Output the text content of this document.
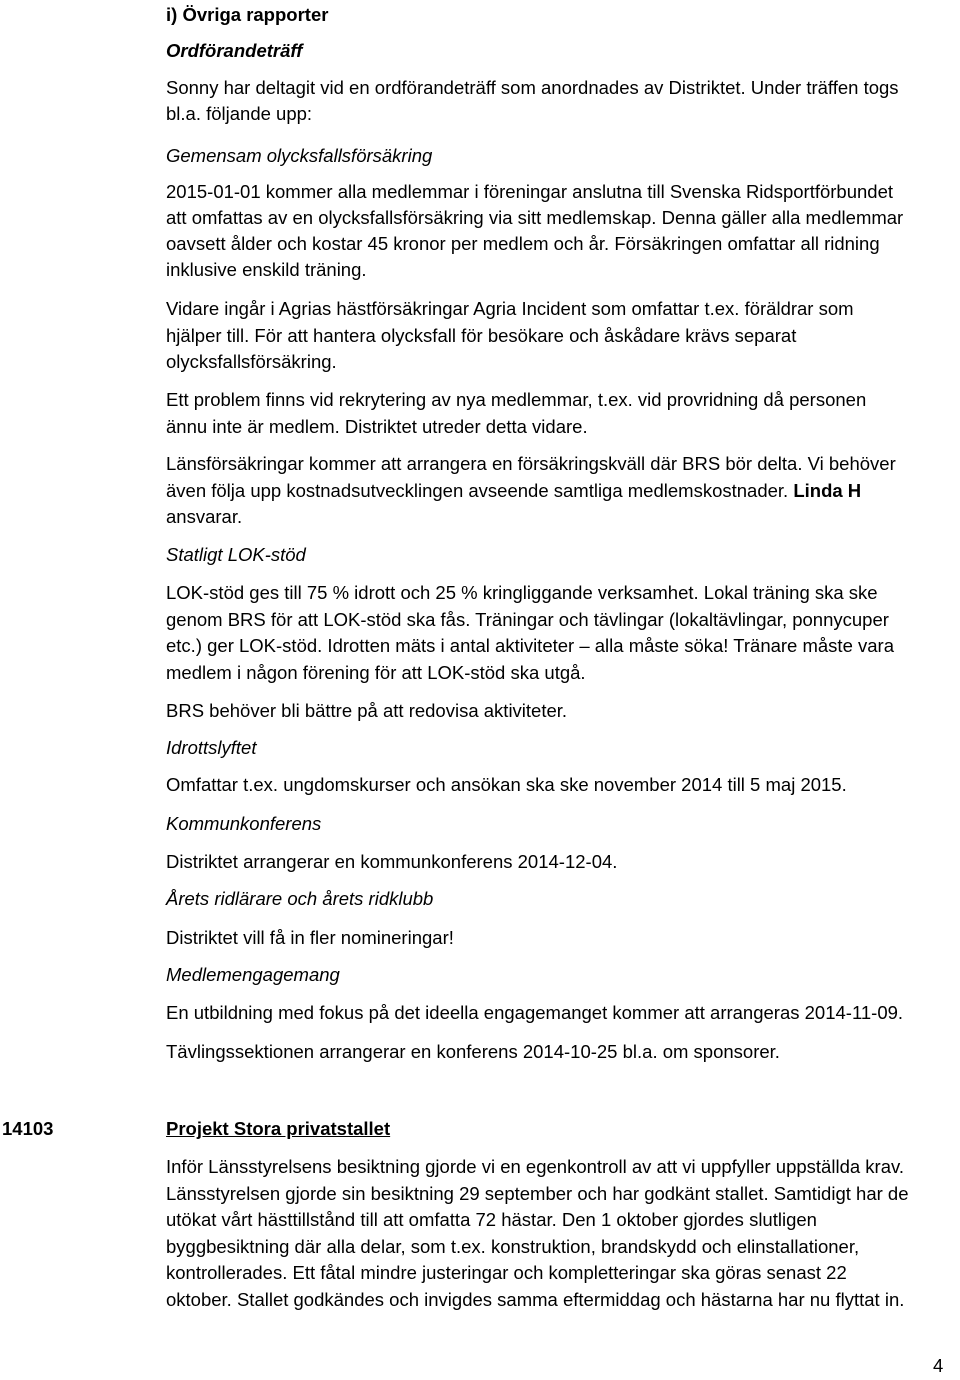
i) Övriga rapporter
Ordförandeträff
Sonny har deltagit vid en ordförandeträff som anordnades av Distriktet. Under träffen togs
bl.a. följande upp:
Gemensam olycksfallsförsäkring
2015-01-01 kommer alla medlemmar i föreningar anslutna till Svenska Ridsportförbundet
att omfattas av en olycksfallsförsäkring via sitt medlemskap. Denna gäller alla medlemmar
oavsett ålder och kostar 45 kronor per medlem och år. Försäkringen omfattar all ridning
inklusive enskild träning.
Vidare ingår i Agrias hästförsäkringar Agria Incident som omfattar t.ex. föräldrar som
hjälper till. För att hantera olycksfall för besökare och åskådare krävs separat
olycksfallsförsäkring.
Ett problem finns vid rekrytering av nya medlemmar, t.ex. vid provridning då personen
ännu inte är medlem. Distriktet utreder detta vidare.
Länsförsäkringar kommer att arrangera en försäkringskväll där BRS bör delta. Vi behöver
även följa upp kostnadsutvecklingen avseende samtliga medlemskostnader. Linda H
ansvarar.
Statligt LOK-stöd
LOK-stöd ges till 75 % idrott och 25 % kringliggande verksamhet. Lokal träning ska ske
genom BRS för att LOK-stöd ska fås. Träningar och tävlingar (lokaltävlingar, ponnycuper
etc.) ger LOK-stöd. Idrotten mäts i antal aktiviteter – alla måste söka! Tränare måste vara
medlem i någon förening för att LOK-stöd ska utgå.
BRS behöver bli bättre på att redovisa aktiviteter.
Idrottslyftet
Omfattar t.ex. ungdomskurser och ansökan ska ske november 2014 till 5 maj 2015.
Kommunkonferens
Distriktet arrangerar en kommunkonferens 2014-12-04.
Årets ridlärare och årets ridklubb
Distriktet vill få in fler nomineringar!
Medlemengagemang
En utbildning med fokus på det ideella engagemanget kommer att arrangeras 2014-11-09.
Tävlingssektionen arrangerar en konferens 2014-10-25 bl.a. om sponsorer.
14103	Projekt Stora privatstallet
Inför Länsstyrelsens besiktning gjorde vi en egenkontroll av att vi uppfyller uppställda krav.
Länsstyrelsen gjorde sin besiktning 29 september och har godkänt stallet. Samtidigt har de
utökat vårt hästtillstånd till att omfatta 72 hästar. Den 1 oktober gjordes slutligen
byggbesiktning där alla delar, som t.ex. konstruktion, brandskydd och elinstallationer,
kontrollerades. Ett fåtal mindre justeringar och kompletteringar ska göras senast 22
oktober. Stallet godkändes och invigdes samma eftermiddag och hästarna har nu flyttat in.
4
